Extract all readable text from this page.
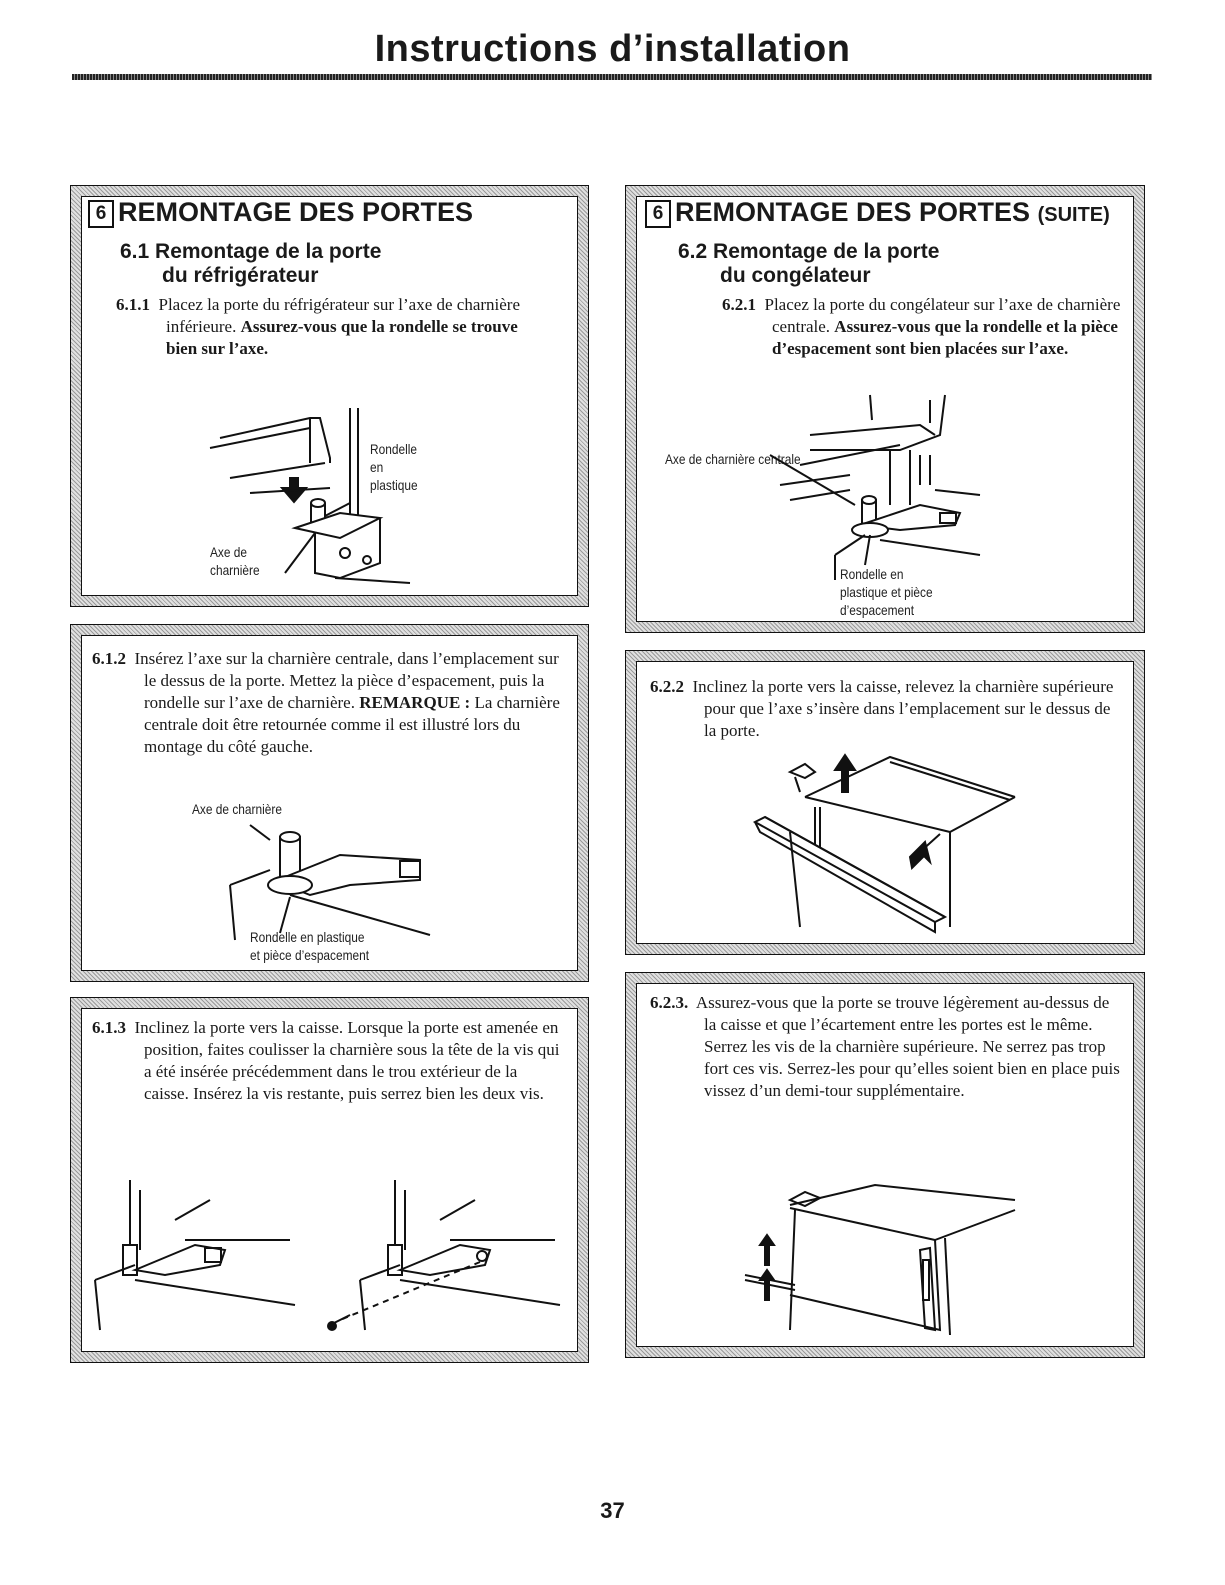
Instructions d’installation
6 REMONTAGE DES PORTES
6.1 Remontage de la porte
du réfrigérateur
6.1.1 Placez la porte du réfrigérateur sur l’axe de charnière inférieure. Assurez-vous que la rondelle se trouve bien sur l’axe.
Rondelle
en
plastique
Axe de
charnière
6.1.2 Insérez l’axe sur la charnière centrale, dans l’emplacement sur le dessus de la porte. Mettez la pièce d’espacement, puis la rondelle sur l’axe de charnière. REMARQUE : La charnière centrale doit être retournée comme il est illustré lors du montage du côté gauche.
Axe de charnière
Rondelle en plastique
et pièce d’espacement
6.1.3 Inclinez la porte vers la caisse. Lorsque la porte est amenée en position, faites coulisser la charnière sous la tête de la vis qui a été insérée précédemment dans le trou extérieur de la caisse. Insérez la vis restante, puis serrez bien les deux vis.
6 REMONTAGE DES PORTES (SUITE)
6.2 Remontage de la porte
du congélateur
6.2.1 Placez la porte du congélateur sur l’axe de charnière centrale. Assurez-vous que la rondelle et la pièce d’espacement sont bien placées sur l’axe.
Axe de charnière centrale
Rondelle en
plastique et pièce
d’espacement
6.2.2 Inclinez la porte vers la caisse, relevez la charnière supérieure pour que l’axe s’insère dans l’emplacement sur le dessus de la porte.
6.2.3. Assurez-vous que la porte se trouve légèrement au-dessus de la caisse et que l’écartement entre les portes est le même. Serrez les vis de la charnière supérieure. Ne serrez pas trop fort ces vis. Serrez-les pour qu’elles soient bien en place puis vissez d’un demi-tour supplémentaire.
37
